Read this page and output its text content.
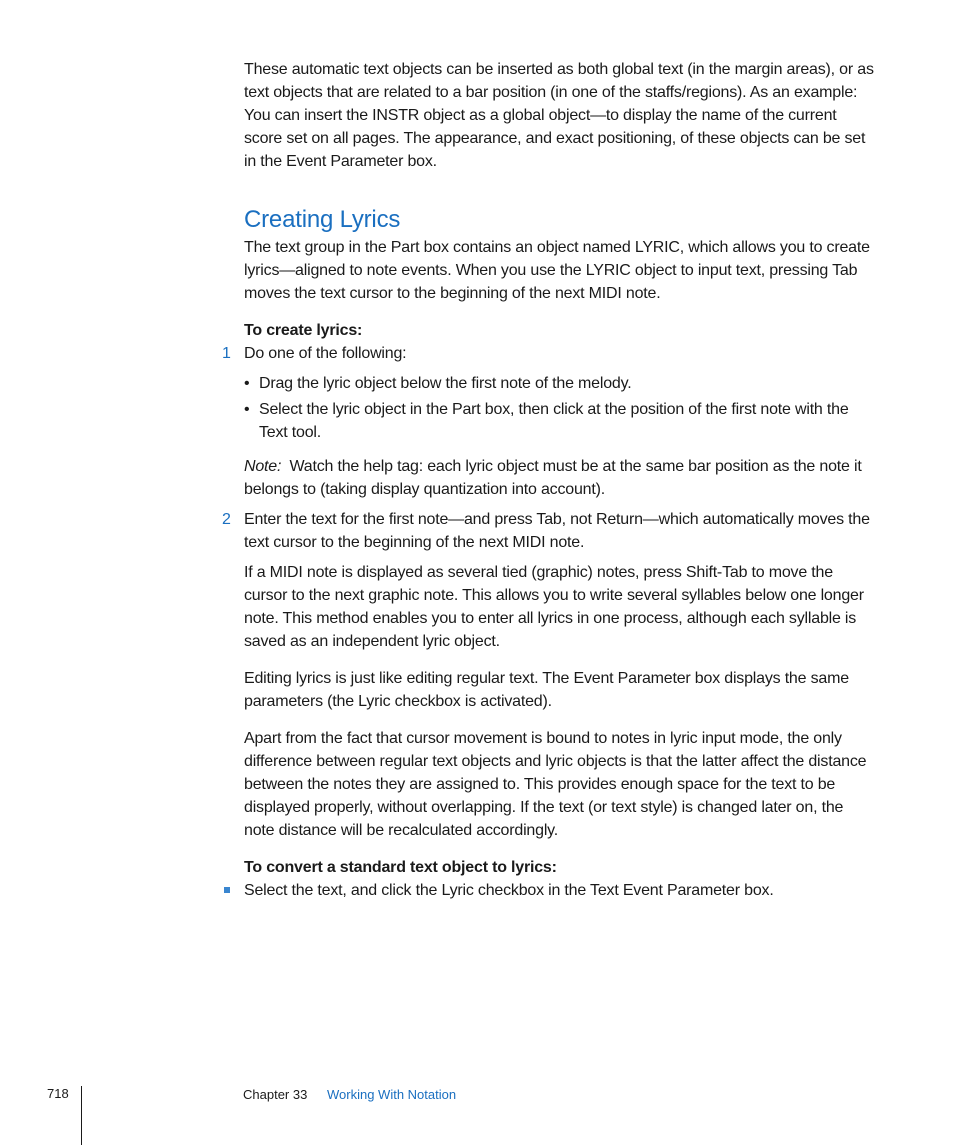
These automatic text objects can be inserted as both global text (in the margin areas), or as text objects that are related to a bar position (in one of the staffs/regions). As an example: You can insert the INSTR object as a global object—to display the name of the current score set on all pages. The appearance, and exact positioning, of these objects can be set in the Event Parameter box.

Creating Lyrics

The text group in the Part box contains an object named LYRIC, which allows you to create lyrics—aligned to note events. When you use the LYRIC object to input text, pressing Tab moves the text cursor to the beginning of the next MIDI note.

To create lyrics:

1 Do one of the following:
• Drag the lyric object below the first note of the melody.
• Select the lyric object in the Part box, then click at the position of the first note with the Text tool.

Note: Watch the help tag: each lyric object must be at the same bar position as the note it belongs to (taking display quantization into account).

2 Enter the text for the first note—and press Tab, not Return—which automatically moves the text cursor to the beginning of the next MIDI note.

If a MIDI note is displayed as several tied (graphic) notes, press Shift-Tab to move the cursor to the next graphic note. This allows you to write several syllables below one longer note. This method enables you to enter all lyrics in one process, although each syllable is saved as an independent lyric object.

Editing lyrics is just like editing regular text. The Event Parameter box displays the same parameters (the Lyric checkbox is activated).

Apart from the fact that cursor movement is bound to notes in lyric input mode, the only difference between regular text objects and lyric objects is that the latter affect the distance between the notes they are assigned to. This provides enough space for the text to be displayed properly, without overlapping. If the text (or text style) is changed later on, the note distance will be recalculated accordingly.

To convert a standard text object to lyrics:

Select the text, and click the Lyric checkbox in the Text Event Parameter box.
718	Chapter 33 Working With Notation
